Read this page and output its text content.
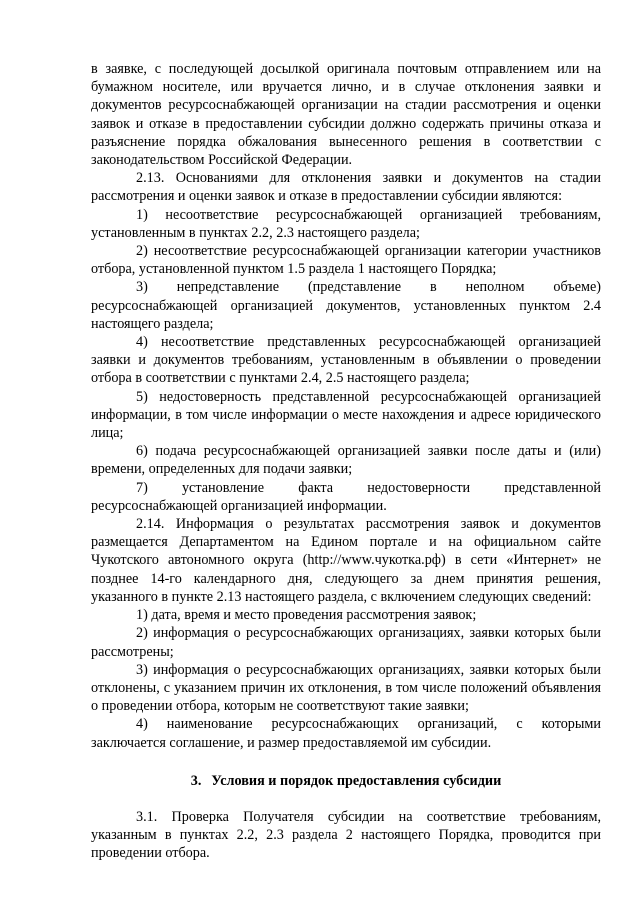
в заявке, с последующей досылкой оригинала почтовым отправлением или на бумажном носителе, или вручается лично, и в случае отклонения заявки и документов ресурсоснабжающей организации на стадии рассмотрения и оценки заявок и отказе в предоставлении субсидии должно содержать причины отказа и разъяснение порядка обжалования вынесенного решения в соответствии с законодательством Российской Федерации.

2.13. Основаниями для отклонения заявки и документов на стадии рассмотрения и оценки заявок и отказе в предоставлении субсидии являются:

1) несоответствие ресурсоснабжающей организацией требованиям, установленным в пунктах 2.2, 2.3 настоящего раздела;

2) несоответствие ресурсоснабжающей организации категории участников отбора, установленной пунктом 1.5 раздела 1 настоящего Порядка;

3) непредставление (представление в неполном объеме) ресурсоснабжающей организацией документов, установленных пунктом 2.4 настоящего раздела;

4) несоответствие представленных ресурсоснабжающей организацией заявки и документов требованиям, установленным в объявлении о проведении отбора в соответствии с пунктами 2.4, 2.5 настоящего раздела;

5) недостоверность представленной ресурсоснабжающей организацией информации, в том числе информации о месте нахождения и адресе юридического лица;

6) подача ресурсоснабжающей организацией заявки после даты и (или) времени, определенных для подачи заявки;

7) установление факта недостоверности представленной ресурсоснабжающей организацией информации.

2.14. Информация о результатах рассмотрения заявок и документов размещается Департаментом на Едином портале и на официальном сайте Чукотского автономного округа (http://www.чукотка.рф) в сети «Интернет» не позднее 14-го календарного дня, следующего за днем принятия решения, указанного в пункте 2.13 настоящего раздела, с включением следующих сведений:

1) дата, время и место проведения рассмотрения заявок;

2) информация о ресурсоснабжающих организациях, заявки которых были рассмотрены;

3) информация о ресурсоснабжающих организациях, заявки которых были отклонены, с указанием причин их отклонения, в том числе положений объявления о проведении отбора, которым не соответствуют такие заявки;

4) наименование ресурсоснабжающих организаций, с которыми заключается соглашение, и размер предоставляемой им субсидии.

3. Условия и порядок предоставления субсидии

3.1. Проверка Получателя субсидии на соответствие требованиям, указанным в пунктах 2.2, 2.3 раздела 2 настоящего Порядка, проводится при проведении отбора.
